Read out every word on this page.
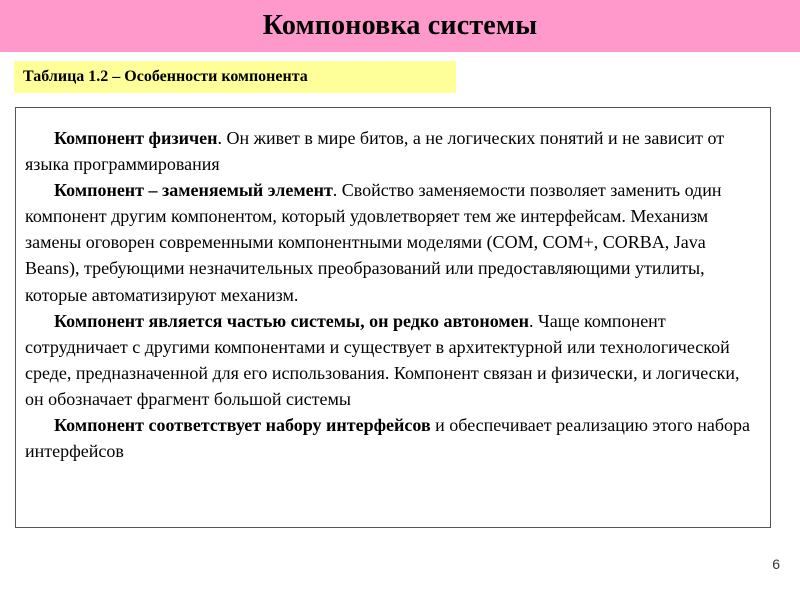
Компоновка системы
Таблица 1.2 – Особенности компонента

Компонент физичен. Он живет в мире битов, а не логических понятий и не зависит от языка программирования

Компонент – заменяемый элемент. Свойство заменяемости позволяет заменить один компонент другим компонентом, который удовлетворяет тем же интерфейсам. Механизм замены оговорен современными компонентными моделями (COM, COM+, CORBA, Java Beans), требующими незначительных преобразований или предоставляющими утилиты, которые автоматизируют механизм.

Компонент является частью системы, он редко автономен. Чаще компонент сотрудничает с другими компонентами и существует в архитектурной или технологической среде, предназначенной для его использования. Компонент связан и физически, и логически, он обозначает фрагмент большой системы

Компонент соответствует набору интерфейсов и обеспечивает реализацию этого набора интерфейсов

6
